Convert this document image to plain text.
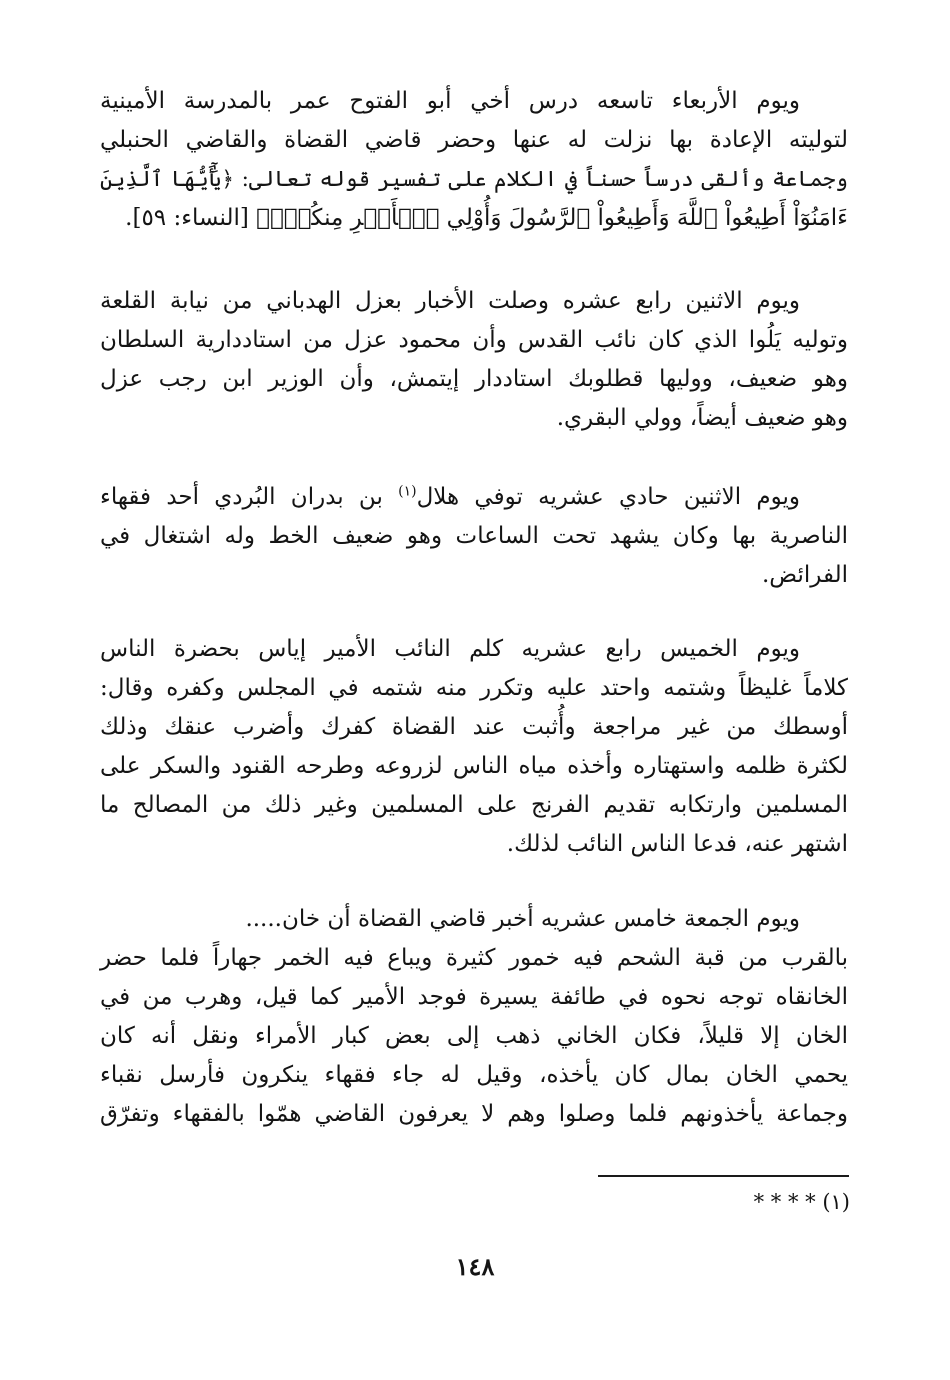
ويوم الأربعاء تاسعه درس أخي أبو الفتوح عمر بالمدرسة الأمينية
لتوليته الإعادة بها نزلت له عنها وحضر قاضي القضاة والقاضي الحنبلي
وجماعة وألقى درساً حسناً في الكلام على تفسير قوله تعالى: ﴿يَٰٓأَيُّهَا ٱلَّذِينَ
ءَامَنُوٓاْ أَطِيعُواْ ٱللَّهَ وَأَطِيعُواْ ٱلرَّسُولَ وَأُوْلِي ٱلۡأَمۡرِ مِنكُمۡۖ﴾ [النساء: ٥٩].
ويوم الاثنين رابع عشره وصلت الأخبار بعزل الهدباني من نيابة القلعة
وتوليه يَلُوا الذي كان نائب القدس وأن محمود عزل من استاددارية السلطان
وهو ضعيف، ووليها قطلوبك استاددار إيتمش، وأن الوزير ابن رجب عزل
وهو ضعيف أيضاً، وولي البقري.
ويوم الاثنين حادي عشريه توفي هلال$^{(١)}$ بن بدران البُردي أحد فقهاء
الناصرية بها وكان يشهد تحت الساعات وهو ضعيف الخط وله اشتغال في
الفرائض.
ويوم الخميس رابع عشريه كلم النائب الأمير إياس بحضرة الناس
كلاماً غليظاً وشتمه واحتد عليه وتكرر منه شتمه في المجلس وكفره وقال:
أوسطك من غير مراجعة وأُثبت عند القضاة كفرك وأضرب عنقك وذلك
لكثرة ظلمه واستهتاره وأخذه مياه الناس لزروعه وطرحه القنود والسكر على
المسلمين وارتكابه تقديم الفرنج على المسلمين وغير ذلك من المصالح ما
اشتهر عنه، فدعا الناس النائب لذلك.
ويوم الجمعة خامس عشريه أخبر قاضي القضاة أن خان.....
بالقرب من قبة الشحم فيه خمور كثيرة ويباع فيه الخمر جهاراً فلما حضر
الخانقاه توجه نحوه في طائفة يسيرة فوجد الأمير كما قيل، وهرب من في
الخان إلا قليلاً، فكان الخاني ذهب إلى بعض كبار الأمراء ونقل أنه كان
يحمي الخان بمال كان يأخذه، وقيل له جاء فقهاء ينكرون فأرسل نقباء
وجماعة يأخذونهم فلما وصلوا وهم لا يعرفون القاضي همّوا بالفقهاء وتفرّق
(١) * * * *
١٤٨
